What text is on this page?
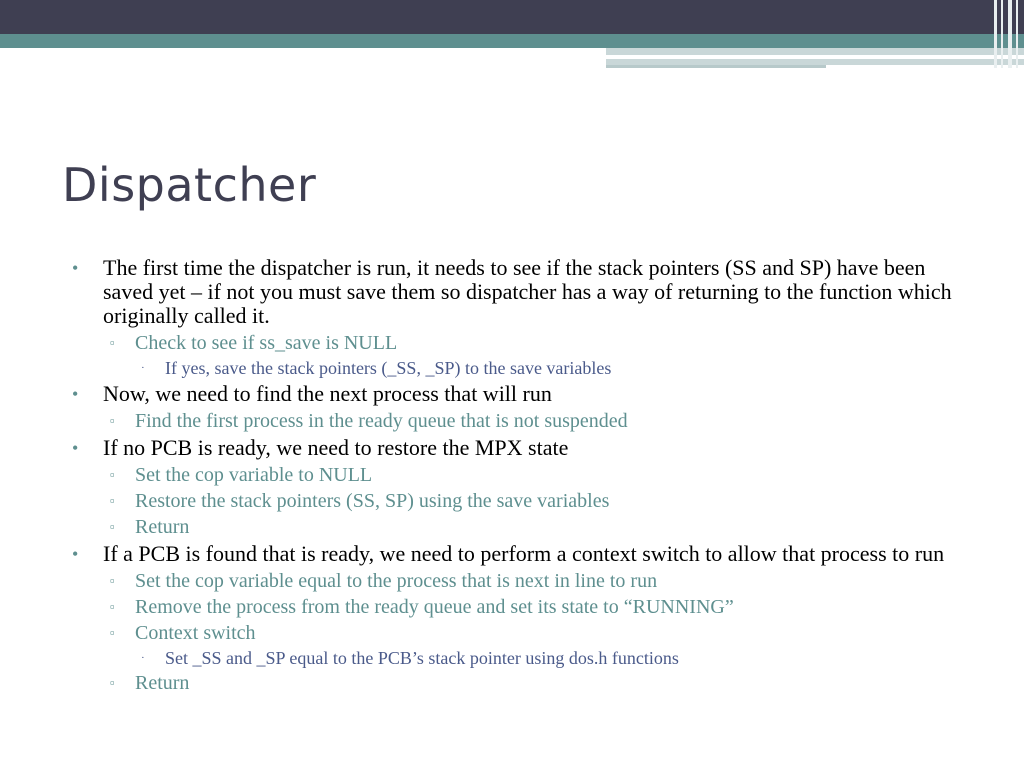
Dispatcher
•	The first time the dispatcher is run, it needs to see if the stack pointers (SS and SP) have been saved yet – if not you must save them so dispatcher has a way of returning to the function which originally called it.
▫ Check to see if ss_save is NULL
· If yes, save the stack pointers (_SS, _SP) to the save variables
•	Now, we need to find the next process that will run
▫ Find the first process in the ready queue that is not suspended
•	If no PCB is ready, we need to restore the MPX state
▫ Set the cop variable to NULL
▫ Restore the stack pointers (SS, SP) using the save variables
▫ Return
•	If a PCB is found that is ready, we need to perform a context switch to allow that process to run
▫ Set the cop variable equal to the process that is next in line to run
▫ Remove the process from the ready queue and set its state to “RUNNING”
▫ Context switch
· Set _SS and _SP equal to the PCB’s stack pointer using dos.h functions
▫ Return
